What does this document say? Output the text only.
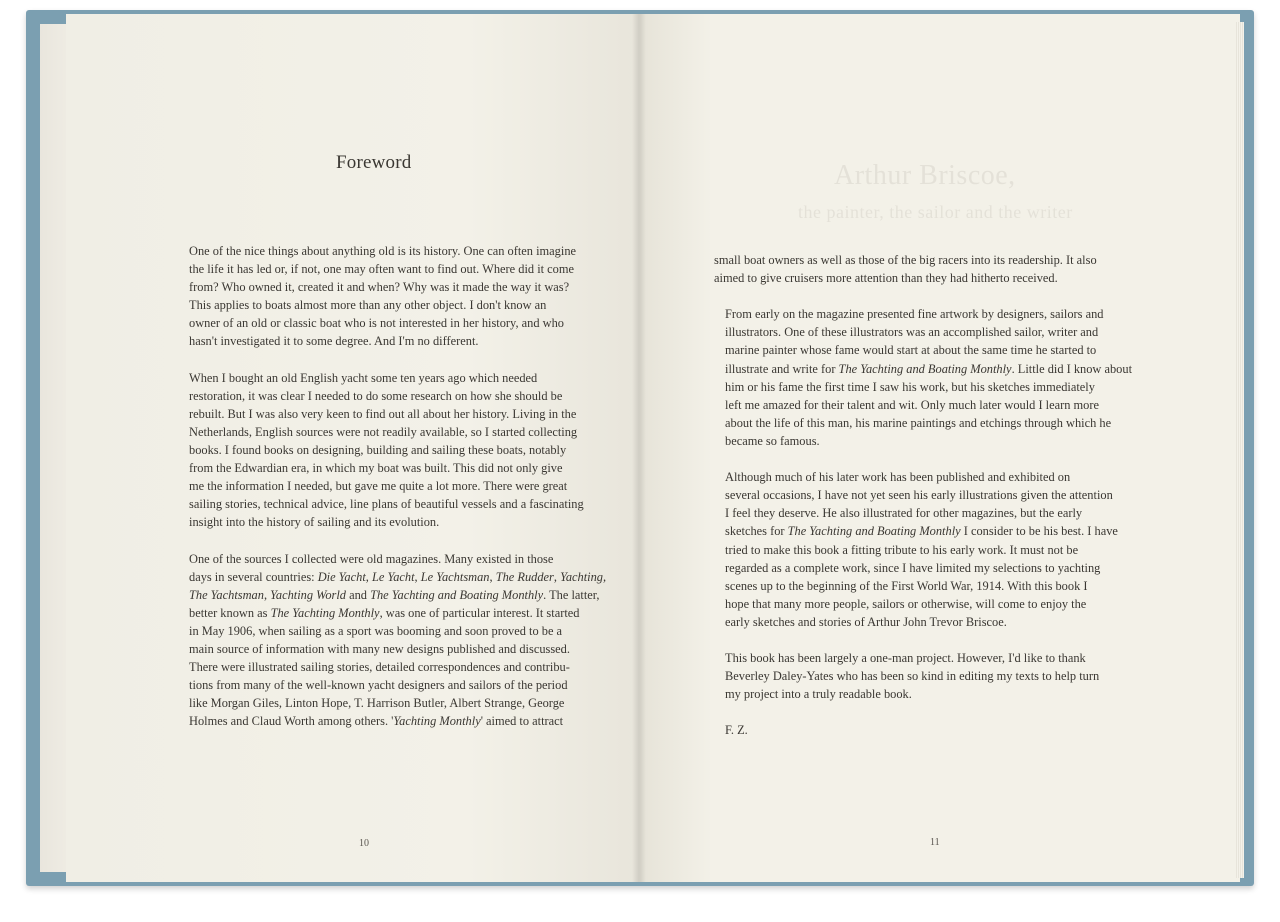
Arthur Briscoe,
the painter, the sailor and the writer
Foreword

One of the nice things about anything old is its history. One can often imagine
the life it has led or, if not, one may often want to find out. Where did it come
from? Who owned it, created it and when? Why was it made the way it was?
This applies to boats almost more than any other object. I don't know an
owner of an old or classic boat who is not interested in her history, and who
hasn't investigated it to some degree. And I'm no different.

When I bought an old English yacht some ten years ago which needed
restoration, it was clear I needed to do some research on how she should be
rebuilt. But I was also very keen to find out all about her history. Living in the
Netherlands, English sources were not readily available, so I started collecting
books. I found books on designing, building and sailing these boats, notably
from the Edwardian era, in which my boat was built. This did not only give
me the information I needed, but gave me quite a lot more. There were great
sailing stories, technical advice, line plans of beautiful vessels and a fascinating
insight into the history of sailing and its evolution.

One of the sources I collected were old magazines. Many existed in those
days in several countries: Die Yacht, Le Yacht, Le Yachtsman, The Rudder, Yachting,
The Yachtsman, Yachting World and The Yachting and Boating Monthly. The latter,
better known as The Yachting Monthly, was one of particular interest. It started
in May 1906, when sailing as a sport was booming and soon proved to be a
main source of information with many new designs published and discussed.
There were illustrated sailing stories, detailed correspondences and contribu-
tions from many of the well-known yacht designers and sailors of the period
like Morgan Giles, Linton Hope, T. Harrison Butler, Albert Strange, George
Holmes and Claud Worth among others. 'Yachting Monthly' aimed to attract

small boat owners as well as those of the big racers into its readership. It also
aimed to give cruisers more attention than they had hitherto received.

From early on the magazine presented fine artwork by designers, sailors and
illustrators. One of these illustrators was an accomplished sailor, writer and
marine painter whose fame would start at about the same time he started to
illustrate and write for The Yachting and Boating Monthly. Little did I know about
him or his fame the first time I saw his work, but his sketches immediately
left me amazed for their talent and wit. Only much later would I learn more
about the life of this man, his marine paintings and etchings through which he
became so famous.

Although much of his later work has been published and exhibited on
several occasions, I have not yet seen his early illustrations given the attention
I feel they deserve. He also illustrated for other magazines, but the early
sketches for The Yachting and Boating Monthly I consider to be his best. I have
tried to make this book a fitting tribute to his early work. It must not be
regarded as a complete work, since I have limited my selections to yachting
scenes up to the beginning of the First World War, 1914. With this book I
hope that many more people, sailors or otherwise, will come to enjoy the
early sketches and stories of Arthur John Trevor Briscoe.

This book has been largely a one-man project. However, I'd like to thank
Beverley Daley-Yates who has been so kind in editing my texts to help turn
my project into a truly readable book.

F. Z.

10	11
